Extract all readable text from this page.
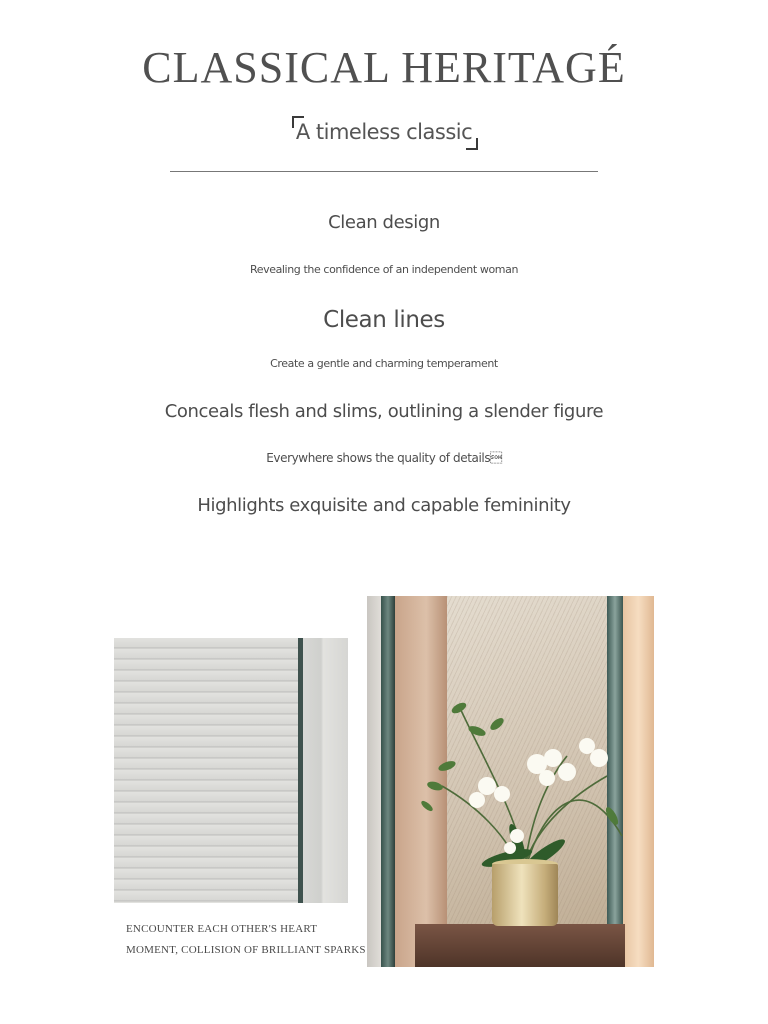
CLASSICAL HERITAGÉ
A timeless classic
Clean design
Revealing the confidence of an independent woman
Clean lines
Create a gentle and charming temperament
Conceals flesh and slims, outlining a slender figure
Everywhere shows the quality of details
Highlights exquisite and capable femininity
ENCOUNTER EACH OTHER'S HEART
MOMENT, COLLISION OF BRILLIANT SPARKS
